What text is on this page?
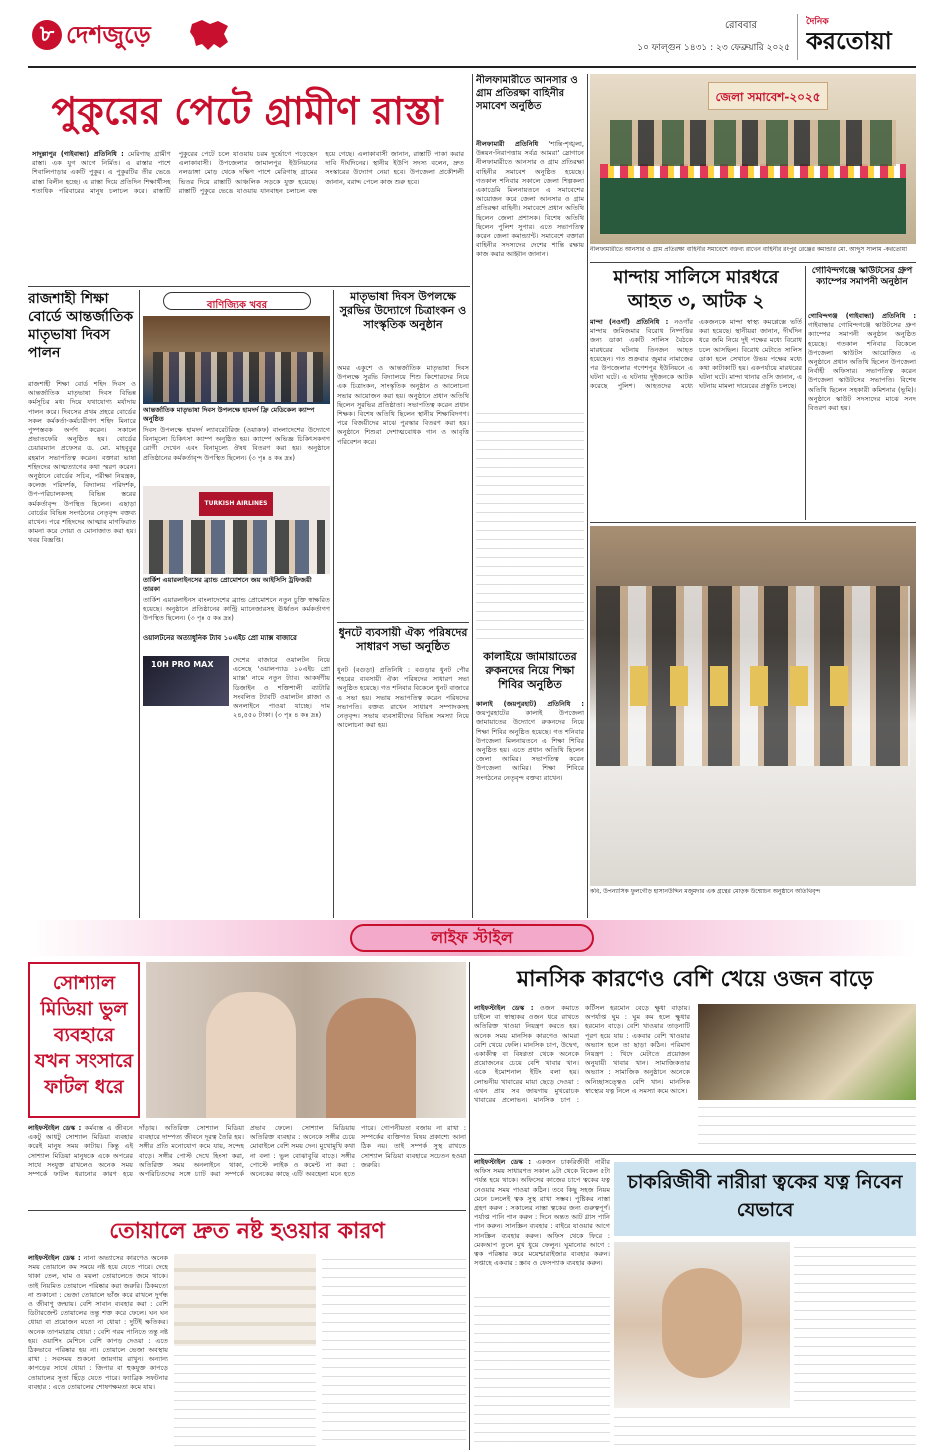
৮ দেশজুড়ে	রোববার
১০ ফাল্গুন ১৪৩১ : ২৩ ফেব্রুয়ারি ২০২৫
দৈনিক
করতোয়া
পুকুরের পেটে গ্রামীণ রাস্তা
সাদুল্লাপুর (গাইবান্ধা) প্রতিনিধি : মেরিগাছ গ্রামীণ রাস্তা। এক যুগ আগে নির্মিত। এ রাস্তার পাশে শিবালিপাড়ার একটি পুকুর। এ পুকুরটির তীর ভেঙে রাস্তা বিলীন হচ্ছে। এ রাস্তা দিয়ে প্রতিদিন শিক্ষার্থীসহ শতাধিক পরিবারের মানুষ চলাচল করে। রাস্তাটি পুকুরের পেটে চলে যাওয়ায় চরম দুর্ভোগে পড়েছেন এলাকাবাসী। উপজেলার জামালপুর ইউনিয়নের নলডাঙ্গা মোড় থেকে দক্ষিণ পাশে মেরিগাছ গ্রামের ভিতর দিয়ে রাস্তাটি আঞ্চলিক সড়কে যুক্ত হয়েছে। রাস্তাটি পুকুরে ভেঙে যাওয়ায় যানবাহন চলাচল বন্ধ হয়ে গেছে। এলাকাবাসী জানান, রাস্তাটি পাকা করার দাবি দীর্ঘদিনের। স্থানীয় ইউপি সদস্য বলেন, দ্রুত সংস্কারের উদ্যোগ নেয়া হবে। উপজেলা প্রকৌশলী জানান, বরাদ্দ পেলে কাজ শুরু হবে।
রাজশাহী শিক্ষা বোর্ডে আন্তর্জাতিক মাতৃভাষা দিবস পালন
রাজশাহী শিক্ষা বোর্ড শহিদ দিবস ও আন্তর্জাতিক মাতৃভাষা দিবস বিভিন্ন কর্মসূচির মধ্য দিয়ে যথাযোগ্য মর্যাদায় পালন করে। দিবসের প্রথম প্রহরে বোর্ডের সকল কর্মকর্তা-কর্মচারীগণ শহিদ মিনারে পুষ্পস্তবক অর্পণ করেন। সকালে প্রভাতফেরি অনুষ্ঠিত হয়। বোর্ডের চেয়ারম্যান প্রফেসর ড. মো. মাহবুবুর রহমান সভাপতিত্ব করেন। বক্তারা ভাষা শহিদদের আত্মত্যাগের কথা স্মরণ করেন। অনুষ্ঠানে বোর্ডের সচিব, পরীক্ষা নিয়ন্ত্রক, কলেজ পরিদর্শক, বিদ্যালয় পরিদর্শক, উপ-পরিচালকসহ বিভিন্ন স্তরের কর্মকর্তাবৃন্দ উপস্থিত ছিলেন। এছাড়া বোর্ডের বিভিন্ন সংগঠনের নেতৃবৃন্দ বক্তব্য রাখেন। পরে শহিদদের আত্মার মাগফিরাত কামনা করে দোয়া ও মোনাজাত করা হয়। খবর বিজ্ঞপ্তি।
বাণিজ্যিক খবর
আন্তর্জাতিক মাতৃভাষা দিবস উপলক্ষে হামদর্দ ফ্রি মেডিকেল ক্যাম্প অনুষ্ঠিত
দিবস উপলক্ষে হামদর্দ ল্যাবরেটরিজ (ওয়াকফ) বাংলাদেশের উদ্যোগে বিনামূল্যে চিকিৎসা ক্যাম্প অনুষ্ঠিত হয়। ক্যাম্পে অভিজ্ঞ চিকিৎসকগণ রোগী দেখেন এবং বিনামূল্যে ঔষধ বিতরণ করা হয়। অনুষ্ঠানে প্রতিষ্ঠানের কর্মকর্তাবৃন্দ উপস্থিত ছিলেন। (৩ পৃঃ ৪ কঃ দ্রঃ)
TURKISH AIRLINES
তার্কিশ এয়ারলাইনসের ব্র্যান্ড প্রোমোশনে জয় আইসিসি ট্রফিজয়ী তারকা
তার্কিশ এয়ারলাইনস বাংলাদেশের ব্র্যান্ড প্রোমোশনে নতুন চুক্তি স্বাক্ষরিত হয়েছে। অনুষ্ঠানে প্রতিষ্ঠানের কান্ট্রি ম্যানেজারসহ ঊর্ধ্বতন কর্মকর্তাগণ উপস্থিত ছিলেন। (৩ পৃঃ ৫ কঃ দ্রঃ)
ওয়ালটনের অত্যাধুনিক ট্যাব ১০এইচ প্রো ম্যাক্স বাজারে
10H PRO MAX	দেশের বাজারে ওয়ালটন নিয়ে এসেছে 'ওয়ালপ্যাড ১০এইচ প্রো ম্যাক্স' নামে নতুন ট্যাব। আকর্ষণীয় ডিজাইন ও শক্তিশালী ব্যাটারি সংবলিত ট্যাবটি ওয়ালটন প্লাজা ও অনলাইনে পাওয়া যাচ্ছে। দাম ২৪,৫৫০ টাকা। (৩ পৃঃ ৪ কঃ দ্রঃ)
মাতৃভাষা দিবস উপলক্ষে সুরভির উদ্যোগে চিত্রাংকন ও সাংস্কৃতিক অনুষ্ঠান
অমর একুশে ও আন্তর্জাতিক মাতৃভাষা দিবস উপলক্ষে সুরভি বিদ্যালয়ে শিশু কিশোরদের নিয়ে এক চিত্রাংকন, সাংস্কৃতিক অনুষ্ঠান ও আলোচনা সভার আয়োজন করা হয়। অনুষ্ঠানে প্রধান অতিথি ছিলেন সুরভির প্রতিষ্ঠাতা। সভাপতিত্ব করেন প্রধান শিক্ষক। বিশেষ অতিথি ছিলেন স্থানীয় শিক্ষাবিদগণ। পরে বিজয়ীদের মাঝে পুরস্কার বিতরণ করা হয়। অনুষ্ঠানে শিশুরা দেশাত্মবোধক গান ও আবৃত্তি পরিবেশন করে।
ধুনটে ব্যবসায়ী ঐক্য পরিষদের সাধারণ সভা অনুষ্ঠিত
ধুনট (বগুড়া) প্রতিনিধি : বগুড়ার ধুনট পৌর শহরের ব্যবসায়ী ঐক্য পরিষদের সাধারণ সভা অনুষ্ঠিত হয়েছে। গত শনিবার বিকেলে ধুনট বাজারে এ সভা হয়। সভায় সভাপতিত্ব করেন পরিষদের সভাপতি। বক্তব্য রাখেন সাধারণ সম্পাদকসহ নেতৃবৃন্দ। সভায় ব্যবসায়ীদের বিভিন্ন সমস্যা নিয়ে আলোচনা করা হয়।
নীলফামারীতে আনসার ও গ্রাম প্রতিরক্ষা বাহিনীর সমাবেশ অনুষ্ঠিত
নীলফামারী প্রতিনিধি 'শান্তি-শৃঙ্খলা, উন্নয়ন-নিরাপত্তায় সর্বত্র আমরা' স্লোগানে নীলফামারীতে আনসার ও গ্রাম প্রতিরক্ষা বাহিনীর সমাবেশ অনুষ্ঠিত হয়েছে। গতকাল শনিবার সকালে জেলা শিল্পকলা একাডেমি মিলনায়তনে এ সমাবেশের আয়োজন করে জেলা আনসার ও গ্রাম প্রতিরক্ষা বাহিনী। সমাবেশে প্রধান অতিথি ছিলেন জেলা প্রশাসক। বিশেষ অতিথি ছিলেন পুলিশ সুপার। এতে সভাপতিত্ব করেন জেলা কমান্ড্যান্ট। সমাবেশে বক্তারা বাহিনীর সদস্যদের দেশের শান্তি রক্ষায় কাজ করার আহ্বান জানান।
কালাইয়ে জামায়াতের রুকনদের নিয়ে শিক্ষা শিবির অনুষ্ঠিত
কালাই (জয়পুরহাট) প্রতিনিধি : জয়পুরহাটের কালাই উপজেলা জামায়াতের উদ্যোগে রুকনদের নিয়ে শিক্ষা শিবির অনুষ্ঠিত হয়েছে। গত শনিবার উপজেলা মিলনায়তনে এ শিক্ষা শিবির অনুষ্ঠিত হয়। এতে প্রধান অতিথি ছিলেন জেলা আমির। সভাপতিত্ব করেন উপজেলা আমির। শিক্ষা শিবিরে সংগঠনের নেতৃবৃন্দ বক্তব্য রাখেন।
জেলা সমাবেশ-২০২৫
নীলফামারীতে আনসার ও গ্রাম প্রতিরক্ষা বাহিনীর সমাবেশে বক্তব্য রাখেন বাহিনীর রংপুর রেঞ্জের কমান্ডার মো. আব্দুস সালাম -করতোয়া
মান্দায় সালিসে মারধরে আহত ৩, আটক ২
মান্দা (নওগাঁ) প্রতিনিধি : নওগাঁর মান্দায় জমিজমার বিরোধ নিষ্পত্তির জন্য ডাকা একটি সালিস বৈঠকে মারধরের ঘটনায় তিনজন আহত হয়েছেন। গত শুক্রবার জুমার নামাজের পর উপজেলার গণেশপুর ইউনিয়নে এ ঘটনা ঘটে। এ ঘটনায় দুইজনকে আটক করেছে পুলিশ। আহতদের মধ্যে একজনকে মান্দা স্বাস্থ্য কমপ্লেক্সে ভর্তি করা হয়েছে। স্থানীয়রা জানান, দীর্ঘদিন ধরে জমি নিয়ে দুই পক্ষের মধ্যে বিরোধ চলে আসছিল। বিরোধ মেটাতে সালিস ডাকা হলে সেখানে উভয় পক্ষের মধ্যে কথা কাটাকাটি হয়। একপর্যায়ে মারধরের ঘটনা ঘটে। মান্দা থানার ওসি জানান, এ ঘটনায় মামলা দায়েরের প্রস্তুতি চলছে।
গোবিন্দগঞ্জে স্কাউটসের গ্রুপ ক্যাম্পের সমাপনী অনুষ্ঠান
গোবিন্দগঞ্জ (গাইবান্ধা) প্রতিনিধি : গাইবান্ধার গোবিন্দগঞ্জে স্কাউটসের গ্রুপ ক্যাম্পের সমাপনী অনুষ্ঠান অনুষ্ঠিত হয়েছে। গতকাল শনিবার বিকেলে উপজেলা স্কাউটস আয়োজিত এ অনুষ্ঠানে প্রধান অতিথি ছিলেন উপজেলা নির্বাহী অফিসার। সভাপতিত্ব করেন উপজেলা স্কাউটসের সভাপতি। বিশেষ অতিথি ছিলেন সহকারী কমিশনার (ভূমি)। অনুষ্ঠানে স্কাউট সদস্যদের মাঝে সনদ বিতরণ করা হয়।
কবি, উপন্যাসিক ফুলগৌড় হাসানউদ্দিন মজুমদার এক গ্রন্থের মোড়ক উন্মোচন অনুষ্ঠানে অতিথিবৃন্দ
লাইফ স্টাইল
সোশ্যাল মিডিয়া ভুল ব্যবহারে যখন সংসারে ফাটল ধরে
লাইফস্টাইল ডেস্ক : কর্মব্যস্ত এ জীবনে একটু আধটু সোশ্যাল মিডিয়া ব্যবহার করেই মানুষ সময় কাটায়। কিন্তু এই সোশ্যাল মিডিয়া মানুষকে একে অপরের সাথে সংযুক্ত রাখলেও অনেক সময় সম্পর্কে ফাটল ধরানোর কারণ হয়ে দাঁড়ায়। অতিরিক্ত সোশ্যাল মিডিয়া ব্যবহারে দাম্পত্য জীবনে দূরত্ব তৈরি হয়। সঙ্গীর প্রতি মনোযোগ কমে যায়, সন্দেহ বাড়ে। সঙ্গীর পোস্ট দেখে হিংসা করা, অতিরিক্ত সময় অনলাইনে থাকা, অপরিচিতদের সঙ্গে চ্যাট করা সম্পর্কে প্রভাব ফেলে। সোশ্যাল মিডিয়ায় অতিরিক্ত ব্যবহার : অনেকে সঙ্গীর চেয়ে মোবাইলে বেশি সময় দেন। মুখোমুখি কথা না বলা : ভুল বোঝাবুঝি বাড়ে। সঙ্গীর পোস্টে লাইক ও কমেন্ট না করা : অনেকের কাছে এটি অবহেলা মনে হতে পারে। গোপনীয়তা বজায় না রাখা : সম্পর্কের ব্যক্তিগত বিষয় প্রকাশ্যে আনা ঠিক নয়। তাই সম্পর্ক সুস্থ রাখতে সোশ্যাল মিডিয়া ব্যবহারে সচেতন হওয়া জরুরি।
মানসিক কারণেও বেশি খেয়ে ওজন বাড়ে
লাইফস্টাইল ডেস্ক : ওজন কমাতে চাইলে বা স্বাস্থ্যকর ওজন ধরে রাখতে অতিরিক্ত খাওয়া নিয়ন্ত্রণ করতে হয়। অনেক সময় মানসিক কারণেও আমরা বেশি খেয়ে ফেলি। মানসিক চাপ, উদ্বেগ, একাকীত্ব বা বিষণ্ণতা থেকে অনেকে প্রয়োজনের চেয়ে বেশি খাবার খান। একে ইমোশনাল ইটিং বলা হয়। লোভনীয় খাবারের মায়া ছেড়ে দেওয়া : এখন প্রায় সব জায়গায় মুখরোচক খাবারের প্রলোভন। মানসিক চাপ : কর্টিসল হরমোন বেড়ে ক্ষুধা বাড়ায়। অপর্যাপ্ত ঘুম : ঘুম কম হলে ক্ষুধার হরমোন বাড়ে। বেশি খাওয়ার তাড়নাটি পূরণ হয়ে যায় : একবার বেশি খাওয়ার অভ্যাস হলে তা ছাড়া কঠিন। পরিমাণ নিয়ন্ত্রণ : খিদে মেটাতে প্রয়োজন অনুযায়ী খাবার খান। সামাজিকতার অভ্যাস : সামাজিক অনুষ্ঠানে অনেকে অনিচ্ছাসত্ত্বেও বেশি খান। মানসিক স্বাস্থ্যের যত্ন নিলে এ সমস্যা কমে আসে।
তোয়ালে দ্রুত নষ্ট হওয়ার কারণ
লাইফস্টাইল ডেস্ক : নানা অভ্যাসের কারণেও অনেক সময় তোয়ালে কম সময়ে নষ্ট হয়ে যেতে পারে। দেহে থাকা তেল, ঘাম ও ময়লা তোয়ালেতে জমে থাকে। তাই নিয়মিত তোয়ালে পরিষ্কার করা জরুরি। ঠিকমতো না শুকানো : ভেজা তোয়ালে ভাঁজ করে রাখলে দুর্গন্ধ ও জীবাণু জন্মায়। বেশি সাবান ব্যবহার করা : বেশি ডিটারজেন্ট তোয়ালের তন্তু শক্ত করে ফেলে। ঘন ঘন ধোয়া বা প্রয়োজন মতো না ধোয়া : দুটিই ক্ষতিকর। অনেক তাপমাত্রায় ধোয়া : বেশি গরম পানিতে তন্তু নষ্ট হয়। ওয়াশিং মেশিনে বেশি কাপড় দেওয়া : এতে ঠিকভাবে পরিষ্কার হয় না। তোয়ালে ভেজা অবস্থায় রাখা : সবসময় শুকনো জায়গায় রাখুন। অন্যান্য কাপড়ের সাথে ধোয়া : জিপার বা হুকযুক্ত কাপড়ে তোয়ালের সুতা ছিঁড়ে যেতে পারে। ফ্যাব্রিক সফটনার ব্যবহার : এতে তোয়ালের শোষণক্ষমতা কমে যায়।
লাইফস্টাইল ডেস্ক : একজন চাকরিজীবী নারীর অফিস সময় সাধারণত সকাল ৯টা থেকে বিকেল ৫টা পর্যন্ত হয়ে থাকে। অফিসের কাজের চাপে ত্বকের যত্ন নেওয়ার সময় পাওয়া কঠিন। তবে কিছু সহজ নিয়ম মেনে চললেই ত্বক সুস্থ রাখা সম্ভব। পুষ্টিকর নাস্তা গ্রহণ করুন : সকালের নাস্তা ত্বকের জন্য গুরুত্বপূর্ণ। পর্যাপ্ত পানি পান করুন : দিনে অন্তত আট গ্লাস পানি পান করুন। সানস্ক্রিন ব্যবহার : বাইরে যাওয়ার আগে সানস্ক্রিন ব্যবহার করুন। অফিস থেকে ফিরে : মেকআপ তুলে মুখ ধুয়ে ফেলুন। ঘুমানোর আগে : ত্বক পরিষ্কার করে ময়েশ্চারাইজার ব্যবহার করুন। সপ্তাহে একবার : স্ক্রাব ও ফেসপ্যাক ব্যবহার করুন।
চাকরিজীবী নারীরা ত্বকের যত্ন নিবেন যেভাবে
